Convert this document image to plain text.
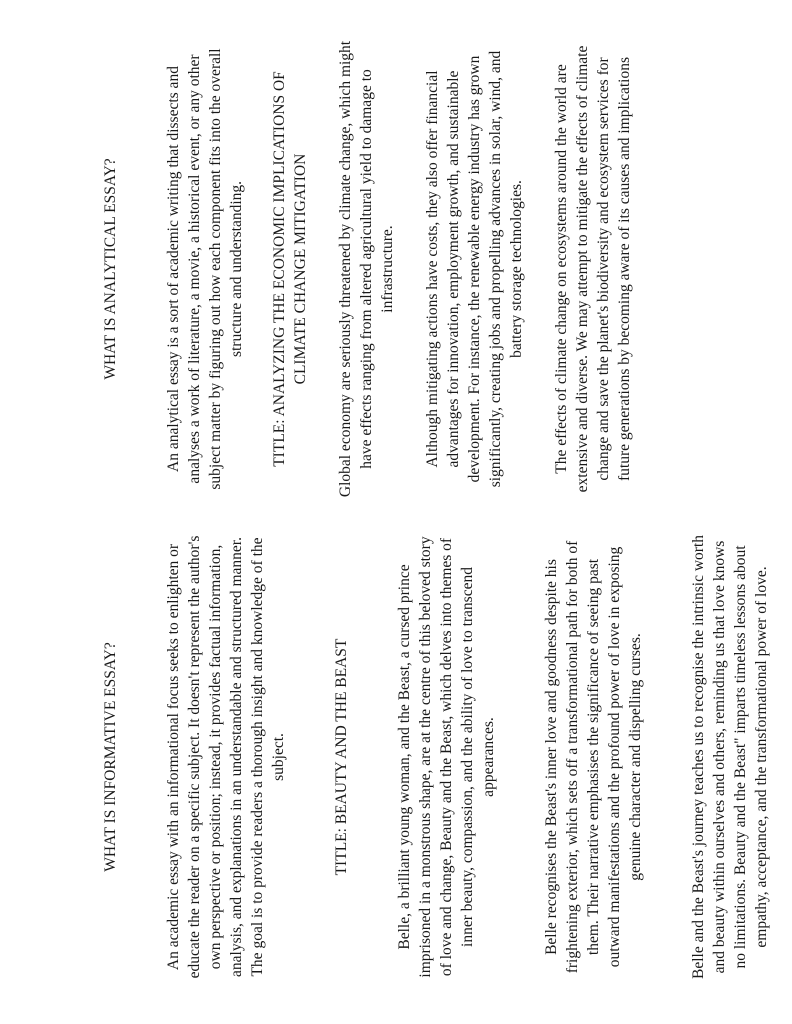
WHAT IS INFORMATIVE ESSAY?	An academic essay with an informational focus seeks to enlighten or educate the reader on a specific subject. It doesn't represent the author's own perspective or position; instead, it provides factual information, analysis, and explanations in an understandable and structured manner. The goal is to provide readers a thorough insight and knowledge of the subject.	TITLE: BEAUTY AND THE BEAST	Belle, a brilliant young woman, and the Beast, a cursed prince imprisoned in a monstrous shape, are at the centre of this beloved story of love and change, Beauty and the Beast, which delves into themes of inner beauty, compassion, and the ability of love to transcend appearances.	Belle recognises the Beast's inner love and goodness despite his frightening exterior, which sets off a transformational path for both of them. Their narrative emphasises the significance of seeing past outward manifestations and the profound power of love in exposing genuine character and dispelling curses.	Belle and the Beast's journey teaches us to recognise the intrinsic worth and beauty within ourselves and others, reminding us that love knows no limitations. Beauty and the Beast" imparts timeless lessons about empathy, acceptance, and the transformational power of love.

WHAT IS ANALYTICAL ESSAY?	An analytical essay is a sort of academic writing that dissects and analyses a work of literature, a movie, a historical event, or any other subject matter by figuring out how each component fits into the overall structure and understanding. TITLE: ANALYZING THE ECONOMIC IMPLICATIONS OF CLIMATE CHANGE MITIGATION Global economy are seriously threatened by climate change, which might have effects ranging from altered agricultural yield to damage to infrastructure. Although mitigating actions have costs, they also offer financial advantages for innovation, employment growth, and sustainable development. For instance, the renewable energy industry has grown significantly, creating jobs and propelling advances in solar, wind, and battery storage technologies. The effects of climate change on ecosystems around the world are extensive and diverse. We may attempt to mitigate the effects of climate change and save the planet's biodiversity and ecosystem services for future generations by becoming aware of its causes and implications
